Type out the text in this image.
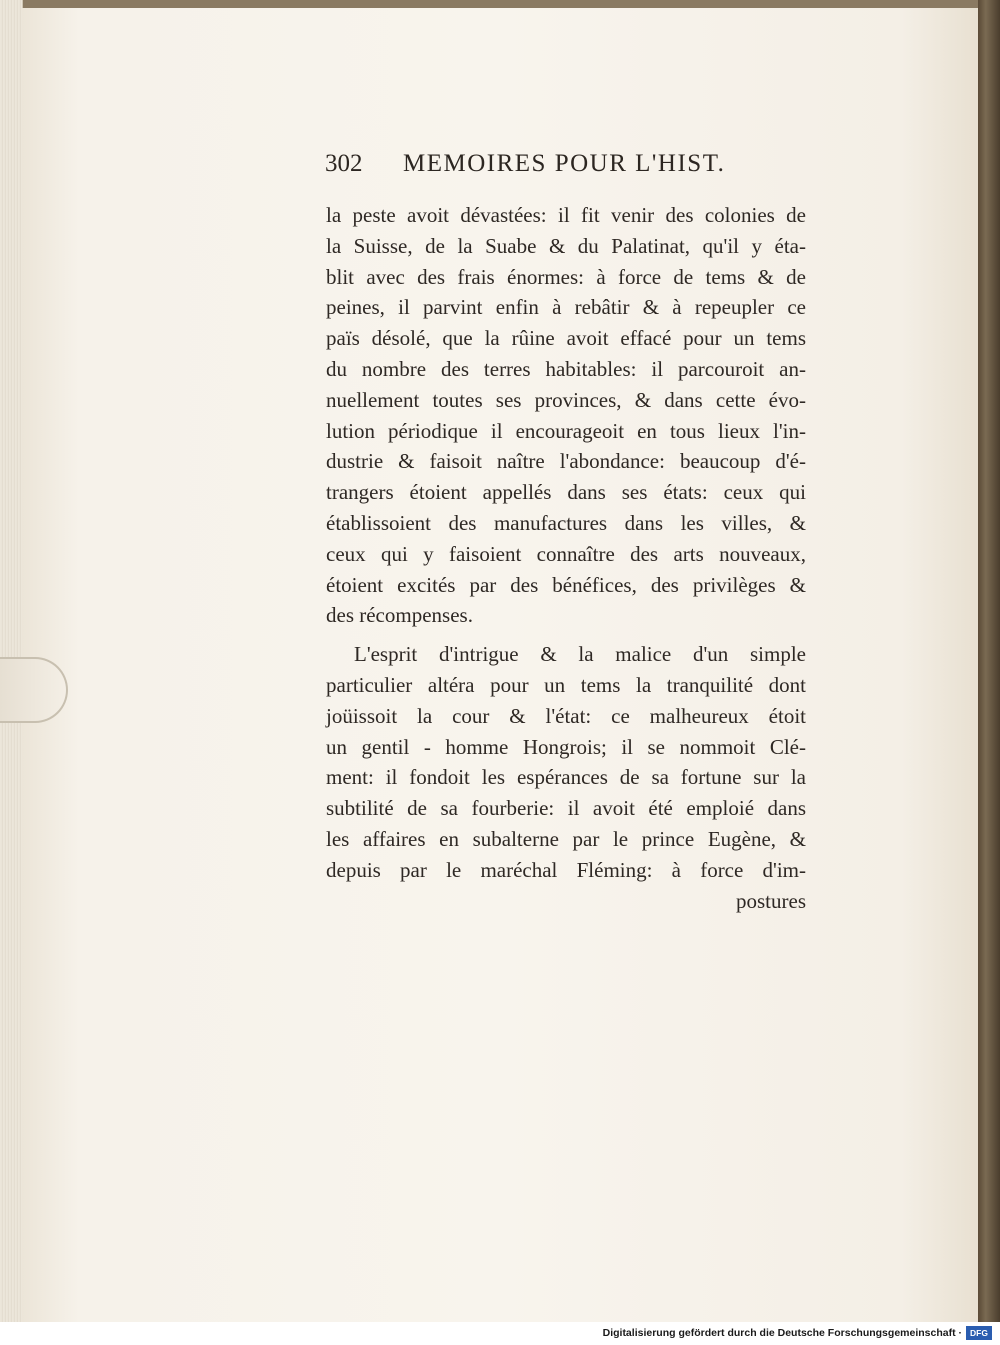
302 MEMOIRES POUR L'HIST.
la peste avoit dévastées: il fit venir des colonies de
la Suisse, de la Suabe & du Palatinat, qu'il y éta-
blit avec des frais énormes: à force de tems & de
peines, il parvint enfin à rebâtir & à repeupler ce
païs désolé, que la rûine avoit effacé pour un tems
du nombre des terres habitables: il parcouroit an-
nuellement toutes ses provinces, & dans cette évo-
lution périodique il encourageoit en tous lieux l'in-
dustrie & faisoit naître l'abondance: beaucoup d'é-
trangers étoient appellés dans ses états: ceux qui
établissoient des manufactures dans les villes, &
ceux qui y faisoient connaître des arts nouveaux,
étoient excités par des bénéfices, des privilèges &
des récompenses.
L'esprit d'intrigue & la malice d'un simple
particulier altéra pour un tems la tranquilité dont
joüissoit la cour & l'état: ce malheureux étoit
un gentil - homme Hongrois; il se nommoit Clé-
ment: il fondoit les espérances de sa fortune sur la
subtilité de sa fourberie: il avoit été emploié dans
les affaires en subalterne par le prince Eugène, &
depuis par le maréchal Fléming: à force d'im-
postures
Digitalisierung gefördert durch die Deutsche Forschungsgemeinschaft · DFG
